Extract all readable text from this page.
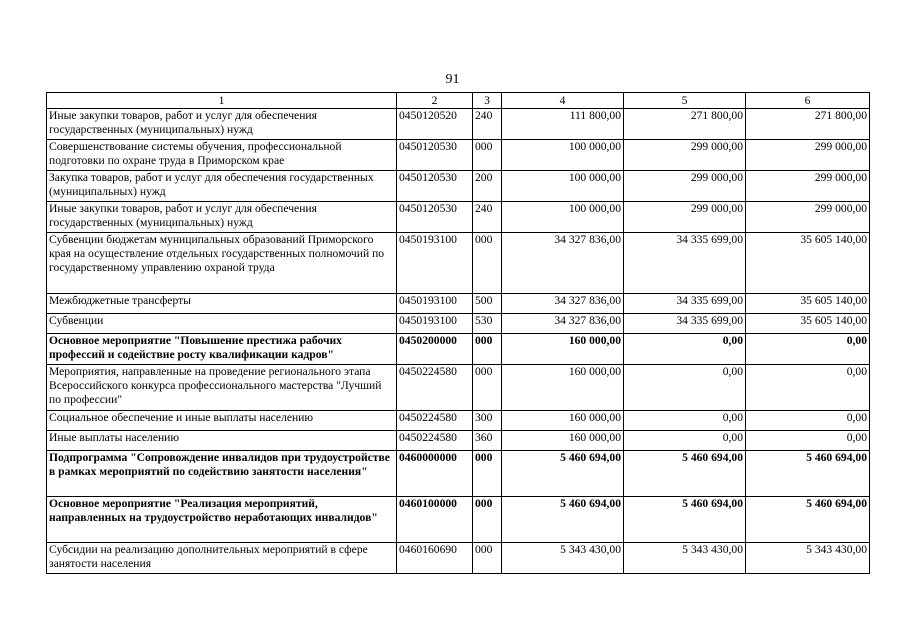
91
1	2	3	4	5	6
Иные закупки товаров, работ и услуг для обеспечения государственных (муниципальных) нужд	0450120520	240	111 800,00	271 800,00	271 800,00
Совершенствование системы обучения, профессиональной подготовки по охране труда в Приморском крае	0450120530	000	100 000,00	299 000,00	299 000,00
Закупка товаров, работ и услуг для обеспечения государственных (муниципальных) нужд	0450120530	200	100 000,00	299 000,00	299 000,00
Иные закупки товаров, работ и услуг для обеспечения государственных (муниципальных) нужд	0450120530	240	100 000,00	299 000,00	299 000,00
Субвенции бюджетам муниципальных образований Приморского края на осуществление отдельных государственных полномочий по государственному управлению охраной труда	0450193100	000	34 327 836,00	34 335 699,00	35 605 140,00
Межбюджетные трансферты	0450193100	500	34 327 836,00	34 335 699,00	35 605 140,00
Субвенции	0450193100	530	34 327 836,00	34 335 699,00	35 605 140,00
Основное мероприятие "Повышение престижа рабочих профессий и содействие росту квалификации кадров"	0450200000	000	160 000,00	0,00	0,00
Мероприятия, направленные на проведение регионального этапа Всероссийского конкурса профессионального мастерства "Лучший по профессии"	0450224580	000	160 000,00	0,00	0,00
Социальное обеспечение и иные выплаты населению	0450224580	300	160 000,00	0,00	0,00
Иные выплаты населению	0450224580	360	160 000,00	0,00	0,00
Подпрограмма "Сопровождение инвалидов при трудоустройстве в рамках мероприятий по содействию занятости населения"	0460000000	000	5 460 694,00	5 460 694,00	5 460 694,00
Основное мероприятие "Реализация мероприятий, направленных на трудоустройство неработающих инвалидов"	0460100000	000	5 460 694,00	5 460 694,00	5 460 694,00
Субсидии на реализацию дополнительных мероприятий в сфере занятости населения	0460160690	000	5 343 430,00	5 343 430,00	5 343 430,00
